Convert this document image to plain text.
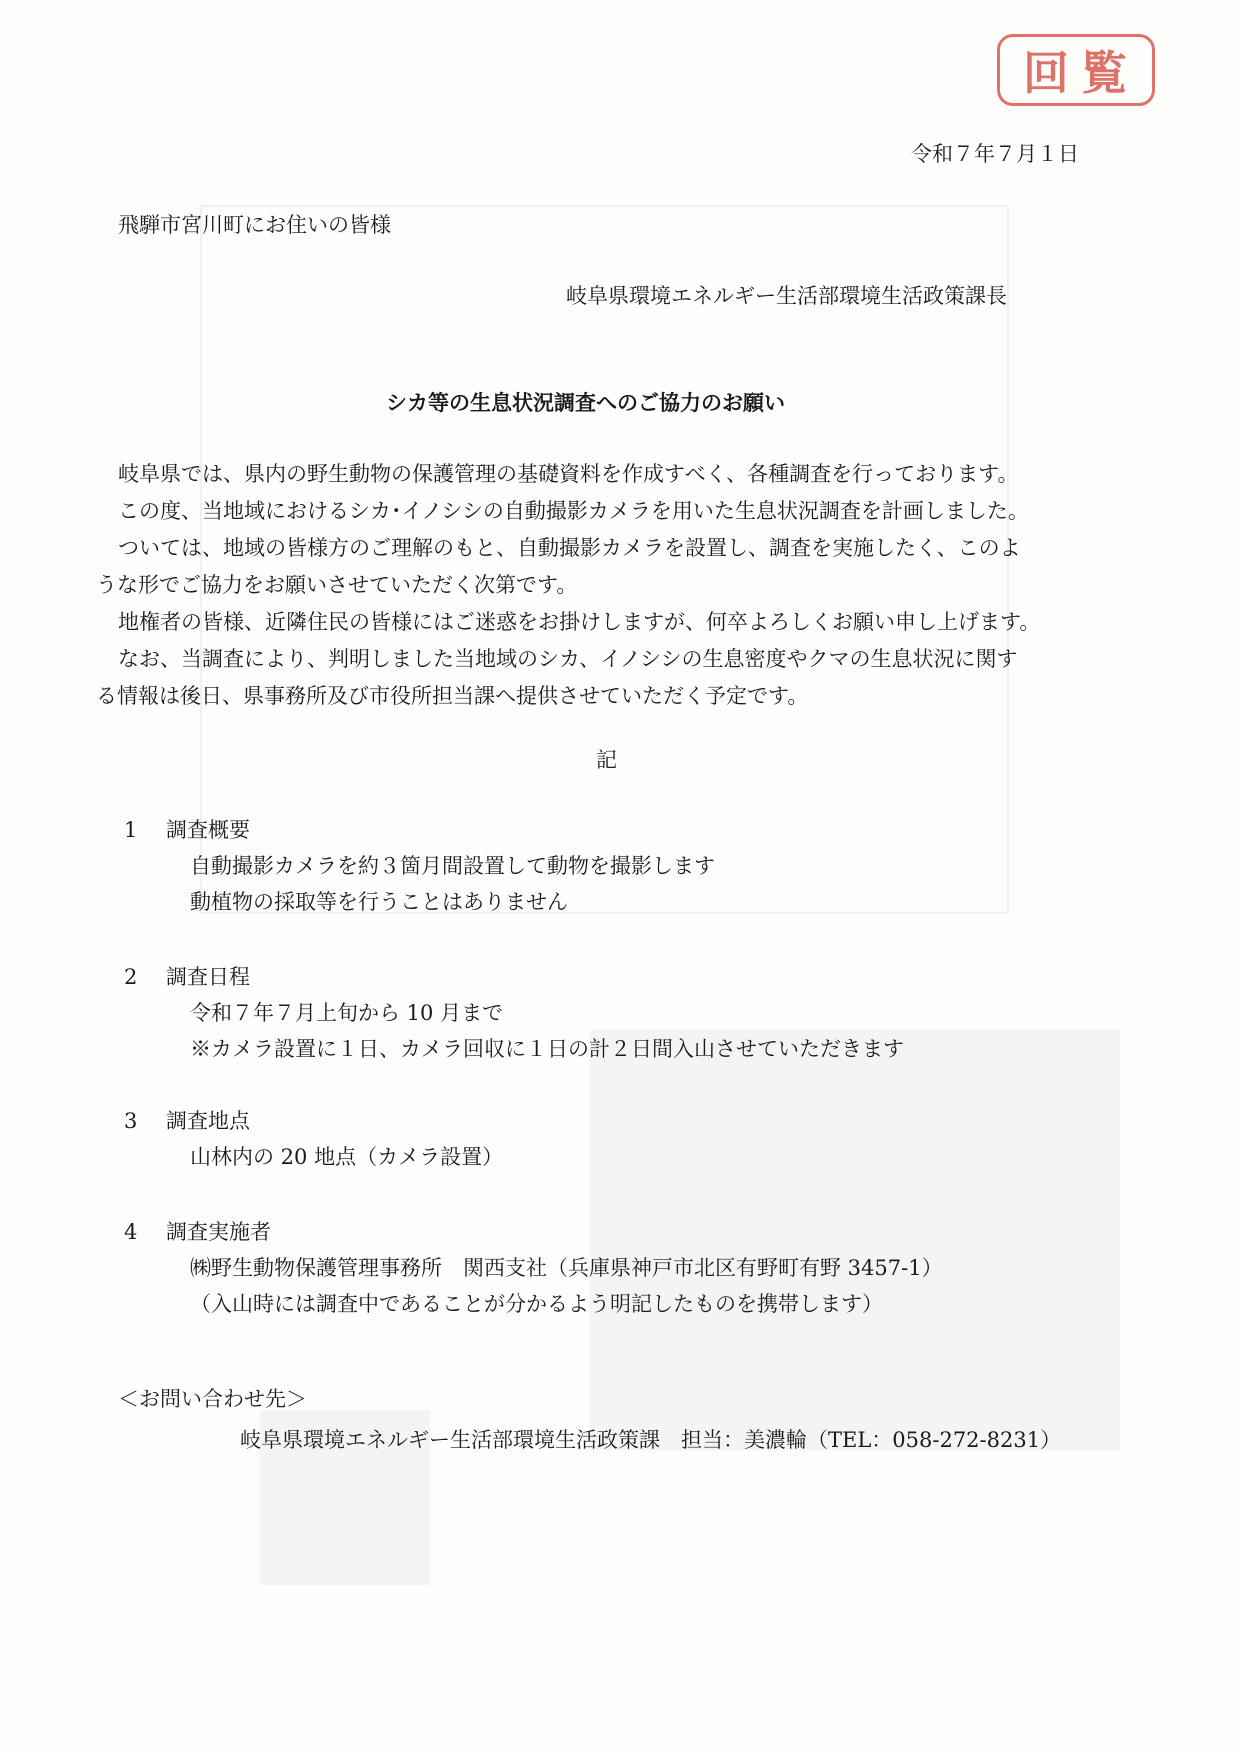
回覧
令和７年７月１日
飛騨市宮川町にお住いの皆様
岐阜県環境エネルギー生活部環境生活政策課長
シカ等の生息状況調査へのご協力のお願い
岐阜県では、県内の野生動物の保護管理の基礎資料を作成すべく、各種調査を行っております。
この度、当地域におけるシカ･イノシシの自動撮影カメラを用いた生息状況調査を計画しました。
ついては、地域の皆様方のご理解のもと、自動撮影カメラを設置し、調査を実施したく、このよ
うな形でご協力をお願いさせていただく次第です。
地権者の皆様、近隣住民の皆様にはご迷惑をお掛けしますが、何卒よろしくお願い申し上げます。
なお、当調査により、判明しました当地域のシカ、イノシシの生息密度やクマの生息状況に関す
る情報は後日、県事務所及び市役所担当課へ提供させていただく予定です。
記
1 調査概要
自動撮影カメラを約３箇月間設置して動物を撮影します
動植物の採取等を行うことはありません
2 調査日程
令和７年７月上旬から 10 月まで
※カメラ設置に１日、カメラ回収に１日の計２日間入山させていただきます
3 調査地点
山林内の 20 地点（カメラ設置）
4 調査実施者
㈱野生動物保護管理事務所　関西支社（兵庫県神戸市北区有野町有野 3457-1）
（入山時には調査中であることが分かるよう明記したものを携帯します）
＜お問い合わせ先＞
岐阜県環境エネルギー生活部環境生活政策課　担当：美濃輪（TEL：058-272-8231）
